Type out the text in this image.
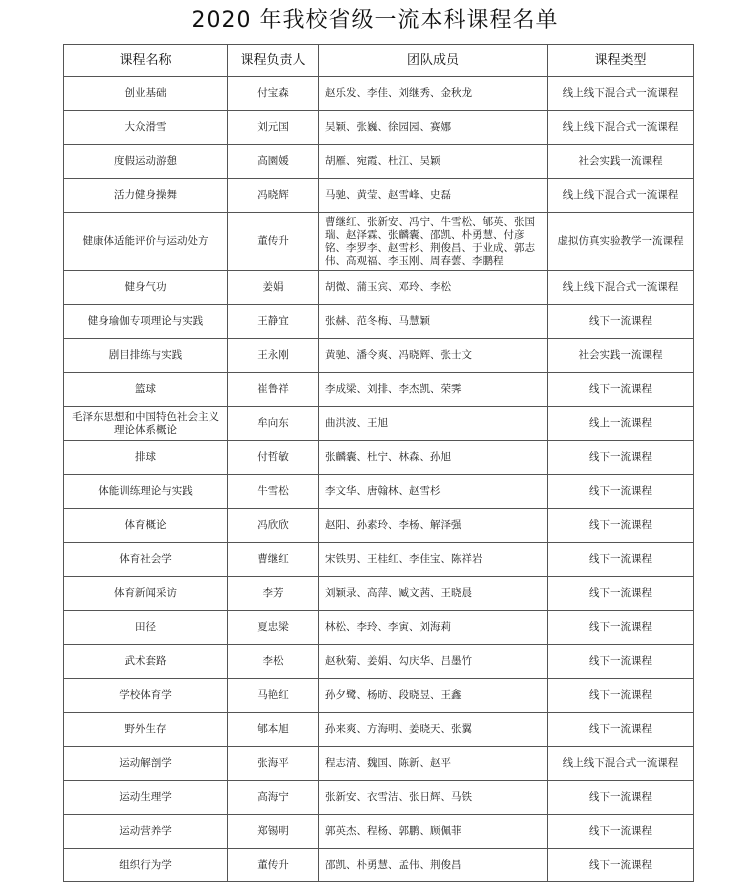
2020 年我校省级一流本科课程名单
课程名称	课程负责人	团队成员	课程类型
创业基础	付宝森	赵乐发、李佳、刘继秀、金秋龙	线上线下混合式一流课程
大众滑雪	刘元国	吴颖、张巍、徐园园、赛娜	线上线下混合式一流课程
度假运动游憩	高園媛	胡雁、宛霞、杜江、吴颖	社会实践一流课程
活力健身操舞	冯晓辉	马驰、黄莹、赵雪峰、史磊	线上线下混合式一流课程
健康体适能评价与运动处方	董传升	曹继红、张新安、冯宁、牛雪松、郇英、张国瑞、赵泽霖、张麟囊、邵凯、朴勇慧、付彦铭、李罗李、赵雪杉、荆俊昌、于业成、郭志伟、高观福、李玉刚、周春蕓、李鹏程	虚拟仿真实验教学一流课程
健身气功	姜娟	胡微、蒲玉宾、邓玲、李松	线上线下混合式一流课程
健身瑜伽专项理论与实践	王静宜	张赫、范冬梅、马慧颖	线下一流课程
剧目排练与实践	王永刚	黄驰、潘令爽、冯晓辉、张士文	社会实践一流课程
篮球	崔鲁祥	李成梁、刘排、李杰凯、荣霁	线下一流课程
毛泽东思想和中国特色社会主义理论体系概论	牟向东	曲洪波、王旭	线上一流课程
排球	付哲敏	张麟囊、杜宁、林森、孙旭	线下一流课程
体能训练理论与实践	牛雪松	李文华、唐翰林、赵雪杉	线下一流课程
体育概论	冯欣欣	赵阳、孙素玲、李杨、解泽强	线下一流课程
体育社会学	曹继红	宋铁男、王桂红、李佳宝、陈祥岩	线下一流课程
体育新闻采访	李芳	刘颖录、高萍、臧文茜、王晓晨	线下一流课程
田径	夏忠梁	林松、李玲、李寅、刘海莉	线下一流课程
武术套路	李松	赵秋菊、姜娟、勾庆华、吕墨竹	线下一流课程
学校体育学	马艳红	孙夕鹭、杨昉、段晓昱、王鑫	线下一流课程
野外生存	郇本旭	孙来爽、方海明、姜晓天、张翼	线下一流课程
运动解剖学	张海平	程志清、魏国、陈新、赵平	线上线下混合式一流课程
运动生理学	高海宁	张新安、衣雪洁、张日辉、马铁	线下一流课程
运动营养学	郑锡明	郭英杰、程杨、郭鹏、顾佩菲	线下一流课程
组织行为学	董传升	邵凯、朴勇慧、孟伟、荆俊昌	线下一流课程
